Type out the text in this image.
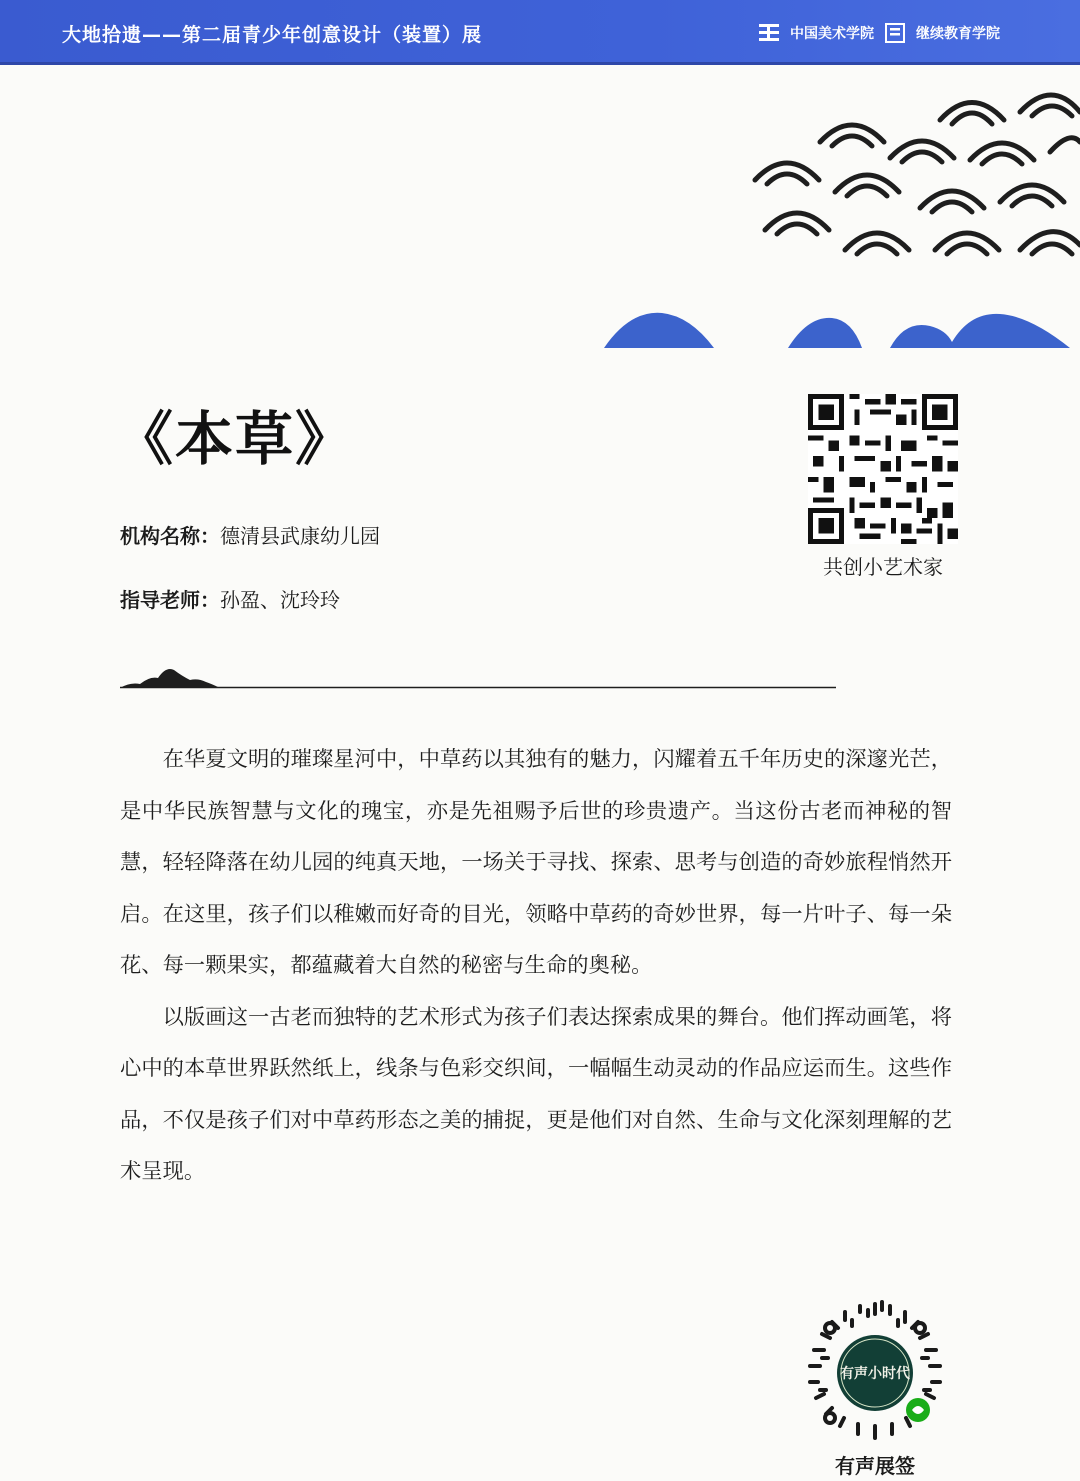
大地拾遗——第二届青少年创意设计（装置）展	中国美术学院	继续教育学院
《本草》
机构名称：德清县武康幼儿园
指导老师：孙盈、沈玲玲
共创小艺术家

在华夏文明的璀璨星河中，中草药以其独有的魅力，闪耀着五千年历史的深邃光芒，是中华民族智慧与文化的瑰宝，亦是先祖赐予后世的珍贵遗产。当这份古老而神秘的智慧，轻轻降落在幼儿园的纯真天地，一场关于寻找、探索、思考与创造的奇妙旅程悄然开启。在这里，孩子们以稚嫩而好奇的目光，领略中草药的奇妙世界，每一片叶子、每一朵花、每一颗果实，都蕴藏着大自然的秘密与生命的奥秘。

以版画这一古老而独特的艺术形式为孩子们表达探索成果的舞台。他们挥动画笔，将心中的本草世界跃然纸上，线条与色彩交织间，一幅幅生动灵动的作品应运而生。这些作品，不仅是孩子们对中草药形态之美的捕捉，更是他们对自然、生命与文化深刻理解的艺术呈现。

有声小时代
有声展签
